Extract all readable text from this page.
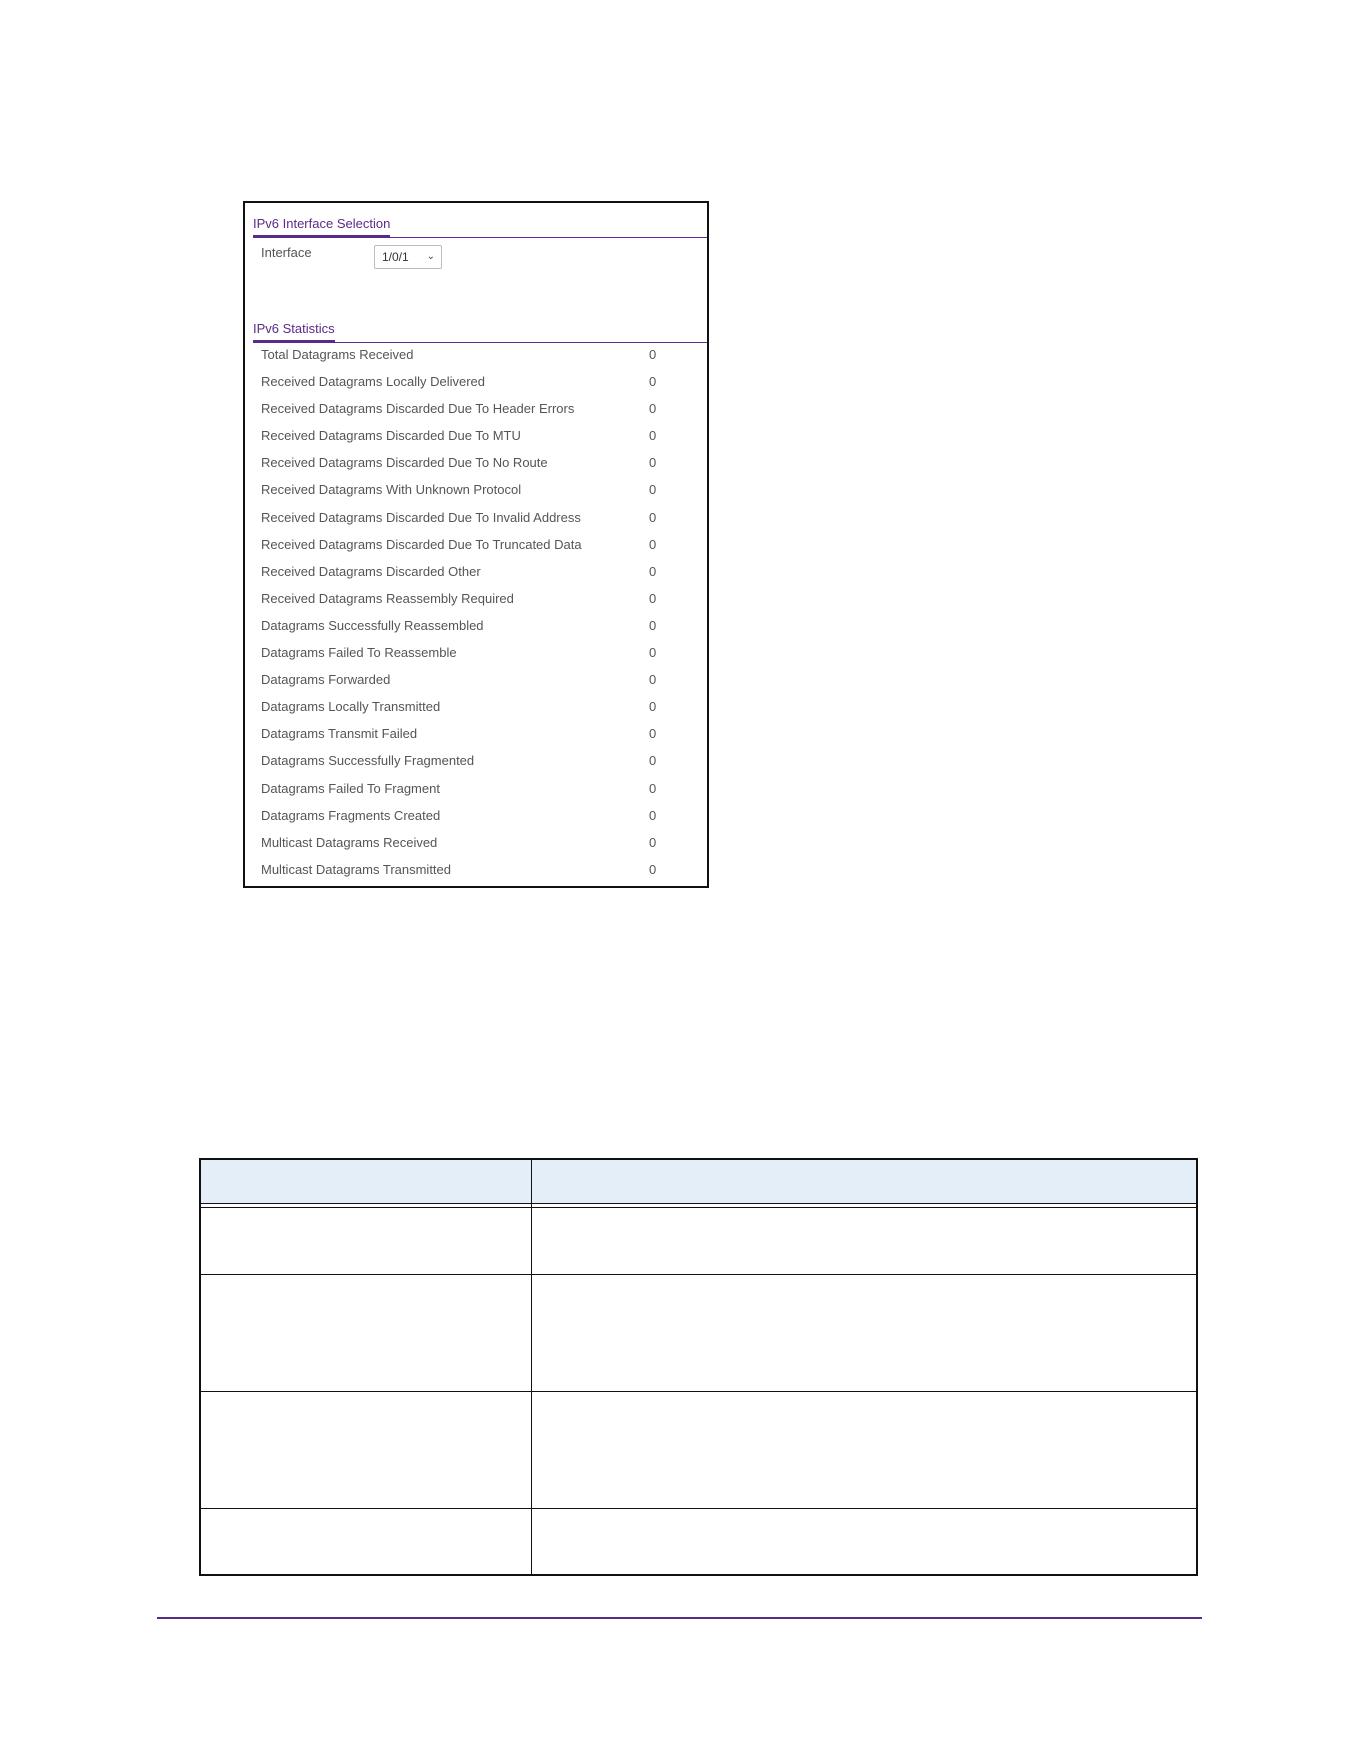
IPv6 Interface Selection
Interface	1/0/1 ⌄
IPv6 Statistics
Total Datagrams Received	0
Received Datagrams Locally Delivered	0
Received Datagrams Discarded Due To Header Errors	0
Received Datagrams Discarded Due To MTU	0
Received Datagrams Discarded Due To No Route	0
Received Datagrams With Unknown Protocol	0
Received Datagrams Discarded Due To Invalid Address	0
Received Datagrams Discarded Due To Truncated Data	0
Received Datagrams Discarded Other	0
Received Datagrams Reassembly Required	0
Datagrams Successfully Reassembled	0
Datagrams Failed To Reassemble	0
Datagrams Forwarded	0
Datagrams Locally Transmitted	0
Datagrams Transmit Failed	0
Datagrams Successfully Fragmented	0
Datagrams Failed To Fragment	0
Datagrams Fragments Created	0
Multicast Datagrams Received	0
Multicast Datagrams Transmitted	0
